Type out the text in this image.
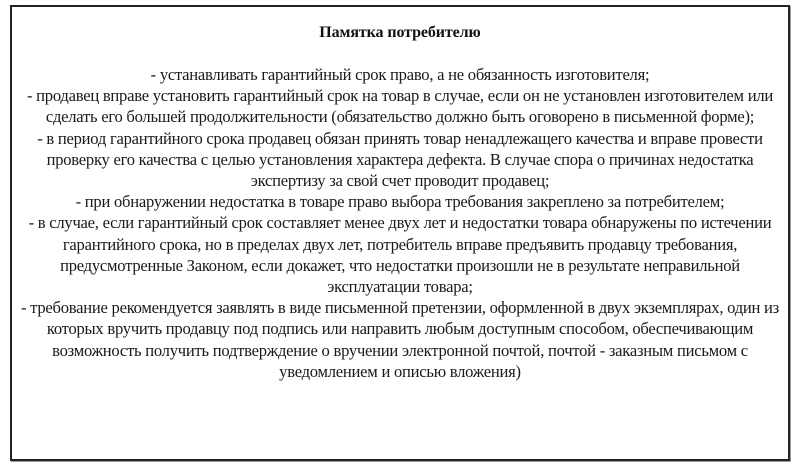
Памятка потребителю
- устанавливать гарантийный срок право, а не обязанность изготовителя;
- продавец вправе установить гарантийный срок на товар в случае, если он не установлен изготовителем или сделать его большей продолжительности (обязательство должно быть оговорено в письменной форме);
- в период гарантийного срока продавец обязан принять товар ненадлежащего качества и вправе провести проверку его качества с целью установления характера дефекта. В случае спора о причинах недостатка экспертизу за свой счет проводит продавец;
- при обнаружении недостатка в товаре право выбора требования закреплено за потребителем;
- в случае, если гарантийный срок составляет менее двух лет и недостатки товара обнаружены по истечении гарантийного срока, но в пределах двух лет, потребитель вправе предъявить продавцу требования, предусмотренные Законом, если докажет, что недостатки произошли не в результате неправильной эксплуатации товара;
- требование рекомендуется заявлять в виде письменной претензии, оформленной в двух экземплярах, один из которых вручить продавцу под подпись или направить любым доступным способом, обеспечивающим возможность получить подтверждение о вручении электронной почтой, почтой - заказным письмом с уведомлением и описью вложения)
